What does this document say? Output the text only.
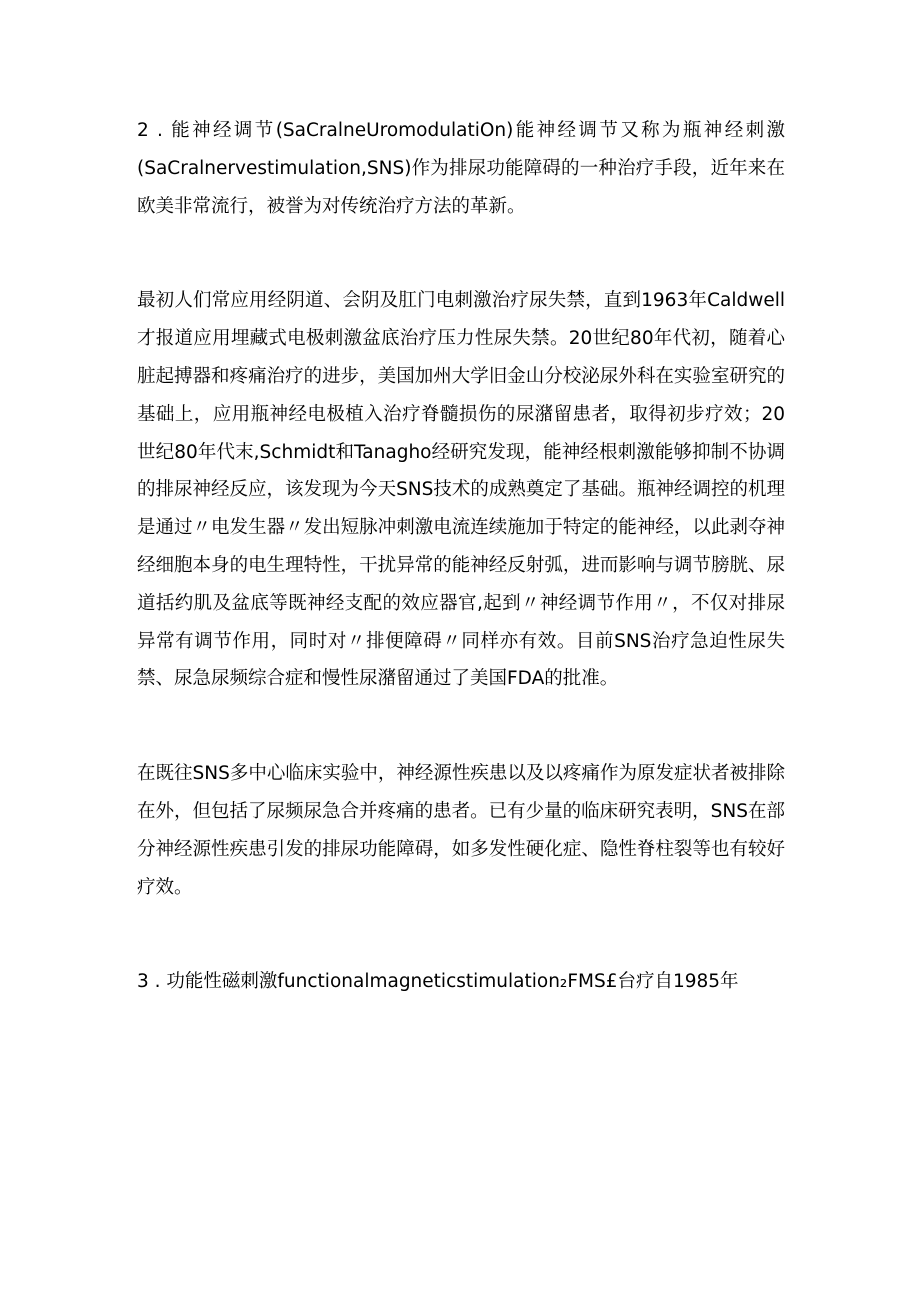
2 . 能神经调节(SaCralneUromodulatiOn)能神经调节又称为瓶神经刺激(SaCralnervestimulation,SNS)作为排尿功能障碍的一种治疗手段，近年来在欧美非常流行，被誉为对传统治疗方法的革新。

最初人们常应用经阴道、会阴及肛门电刺激治疗尿失禁，直到1963年Caldwell才报道应用埋藏式电极刺激盆底治疗压力性尿失禁。20世纪80年代初，随着心脏起搏器和疼痛治疗的进步，美国加州大学旧金山分校泌尿外科在实验室研究的基础上，应用瓶神经电极植入治疗脊髓损伤的尿潴留患者，取得初步疗效；20世纪80年代末,Schmidt和Tanagho经研究发现，能神经根刺激能够抑制不协调的排尿神经反应，该发现为今天SNS技术的成熟奠定了基础。瓶神经调控的机理是通过〃电发生器〃发出短脉冲刺激电流连续施加于特定的能神经，以此剥夺神经细胞本身的电生理特性，干扰异常的能神经反射弧，进而影响与调节膀胱、尿道括约肌及盆底等既神经支配的效应器官,起到〃神经调节作用〃，不仅对排尿异常有调节作用，同时对〃排便障碍〃同样亦有效。目前SNS治疗急迫性尿失禁、尿急尿频综合症和慢性尿潴留通过了美国FDA的批准。

在既往SNS多中心临床实验中，神经源性疾患以及以疼痛作为原发症状者被排除在外，但包括了尿频尿急合并疼痛的患者。已有少量的临床研究表明，SNS在部分神经源性疾患引发的排尿功能障碍，如多发性硬化症、隐性脊柱裂等也有较好疗效。

3 . 功能性磁刺激functionalmagneticstimulation₂FMS£台疗自1985年
